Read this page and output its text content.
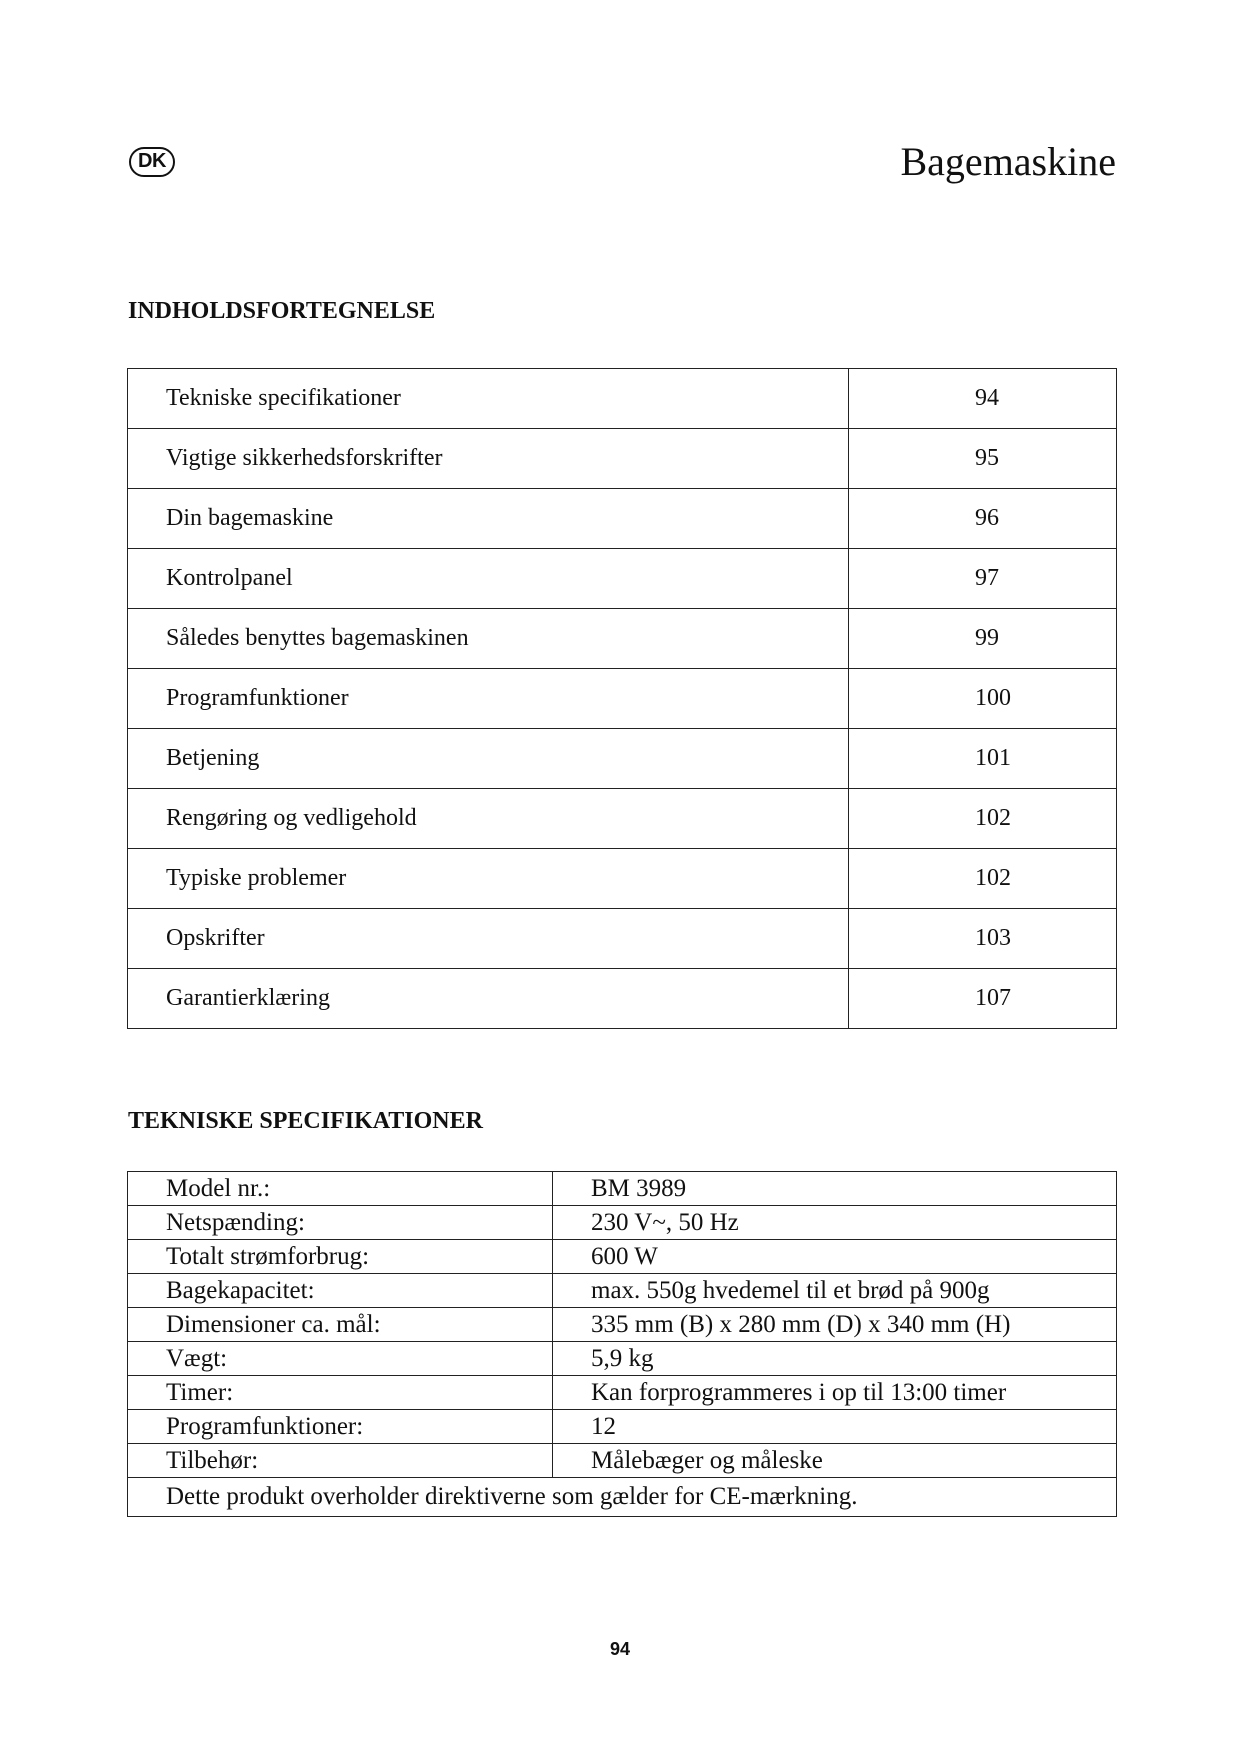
DK	Bagemaskine
INDHOLDSFORTEGNELSE
Tekniske specifikationer	94
Vigtige sikkerhedsforskrifter	95
Din bagemaskine	96
Kontrolpanel	97
Således benyttes bagemaskinen	99
Programfunktioner	100
Betjening	101
Rengøring og vedligehold	102
Typiske problemer	102
Opskrifter	103
Garantierklæring	107
TEKNISKE SPECIFIKATIONER
Model nr.:	BM 3989
Netspænding:	230 V~, 50 Hz
Totalt strømforbrug:	600 W
Bagekapacitet:	max. 550g hvedemel til et brød på 900g
Dimensioner ca. mål:	335 mm (B) x 280 mm (D) x 340 mm (H)
Vægt:	5,9 kg
Timer:	Kan forprogrammeres i op til 13:00 timer
Programfunktioner:	12
Tilbehør:	Målebæger og måleske
Dette produkt overholder direktiverne som gælder for CE-mærkning.	
94
